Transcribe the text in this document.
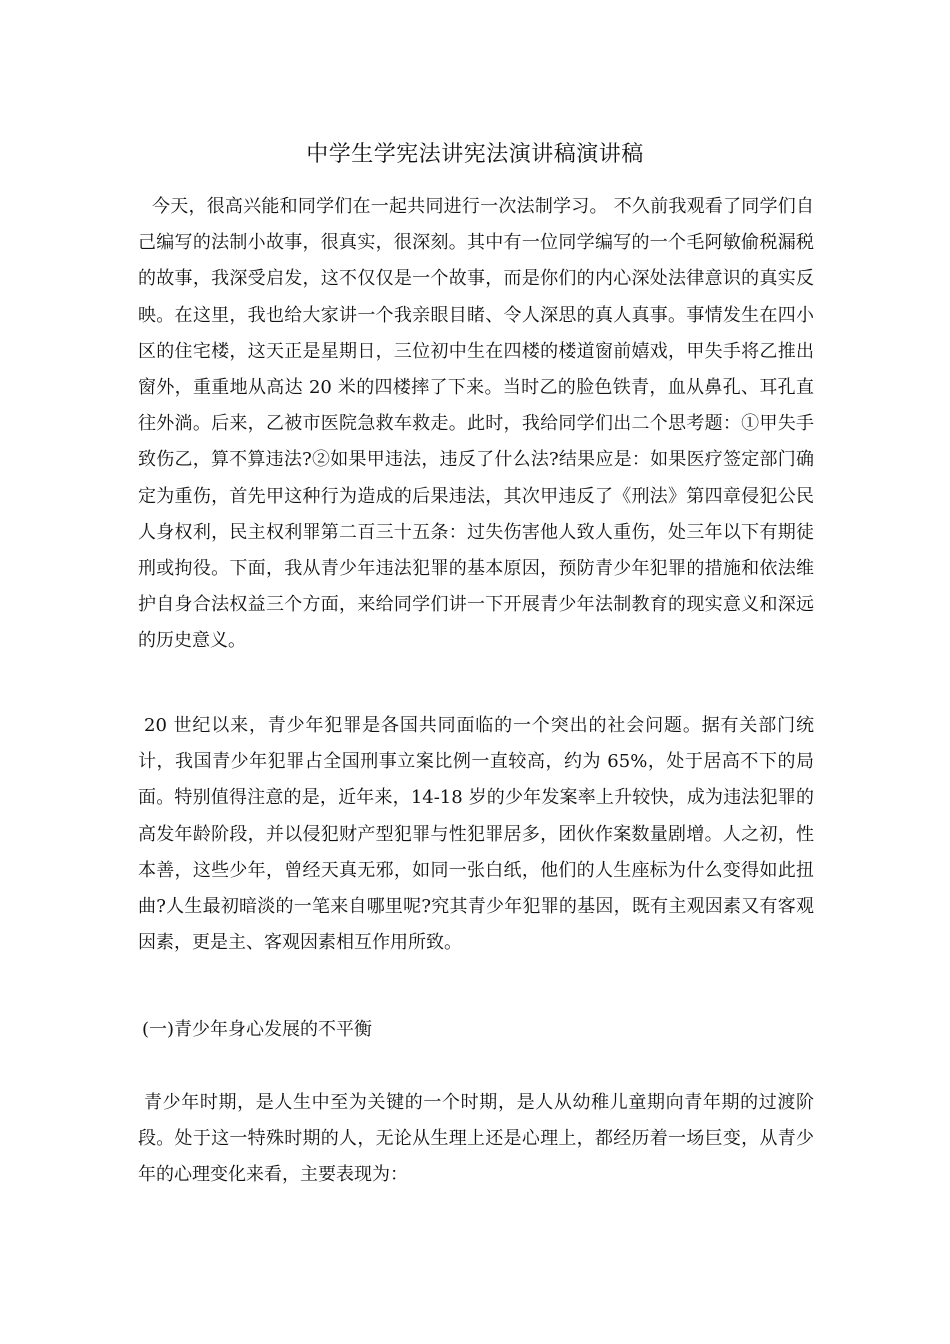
中学生学宪法讲宪法演讲稿演讲稿

今天，很高兴能和同学们在一起共同进行一次法制学习。 不久前我观看了同学们自己编写的法制小故事，很真实，很深刻。其中有一位同学编写的一个毛阿敏偷税漏税的故事，我深受启发，这不仅仅是一个故事，而是你们的内心深处法律意识的真实反映。在这里，我也给大家讲一个我亲眼目睹、令人深思的真人真事。事情发生在四小区的住宅楼，这天正是星期日，三位初中生在四楼的楼道窗前嬉戏，甲失手将乙推出窗外，重重地从高达 20 米的四楼摔了下来。当时乙的脸色铁青，血从鼻孔、耳孔直往外淌。后来，乙被市医院急救车救走。此时，我给同学们出二个思考题：①甲失手致伤乙，算不算违法?②如果甲违法，违反了什么法?结果应是：如果医疗签定部门确定为重伤，首先甲这种行为造成的后果违法，其次甲违反了《刑法》第四章侵犯公民人身权利，民主权利罪第二百三十五条：过失伤害他人致人重伤，处三年以下有期徒刑或拘役。下面，我从青少年违法犯罪的基本原因，预防青少年犯罪的措施和依法维护自身合法权益三个方面，来给同学们讲一下开展青少年法制教育的现实意义和深远的历史意义。

20 世纪以来，青少年犯罪是各国共同面临的一个突出的社会问题。据有关部门统计，我国青少年犯罪占全国刑事立案比例一直较高，约为 65%，处于居高不下的局面。特别值得注意的是，近年来，14-18 岁的少年发案率上升较快，成为违法犯罪的高发年龄阶段，并以侵犯财产型犯罪与性犯罪居多，团伙作案数量剧增。人之初，性本善，这些少年，曾经天真无邪，如同一张白纸，他们的人生座标为什么变得如此扭曲?人生最初暗淡的一笔来自哪里呢?究其青少年犯罪的基因，既有主观因素又有客观因素，更是主、客观因素相互作用所致。

(一)青少年身心发展的不平衡

青少年时期，是人生中至为关键的一个时期，是人从幼稚儿童期向青年期的过渡阶段。处于这一特殊时期的人，无论从生理上还是心理上，都经历着一场巨变，从青少年的心理变化来看，主要表现为：
